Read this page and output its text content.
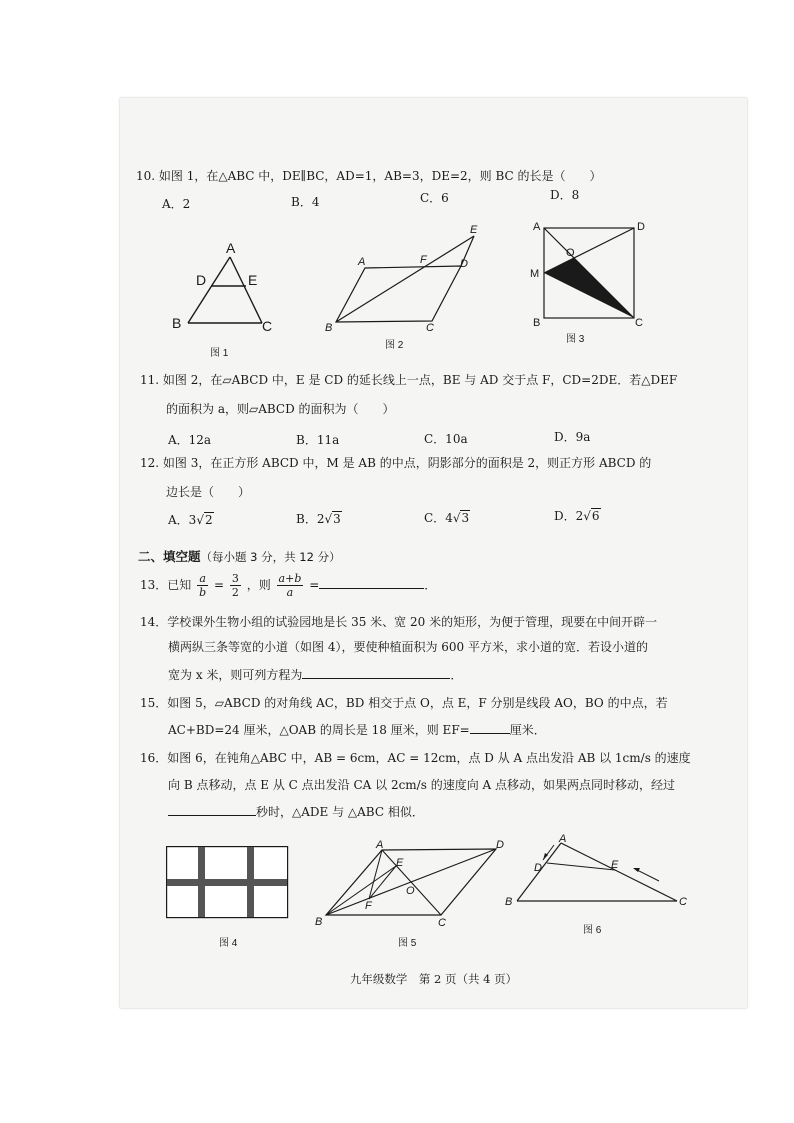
10. 如图 1，在△ABC 中，DE∥BC，AD=1，AB=3，DE=2，则 BC 的长是（　　）
A．2	B．4	C．6	D．8
A
D	E
B	C
图 1
A	F	D
E
B	C
图 2
A	D
O
M
B	C
图 3
11. 如图 2，在▱ABCD 中，E 是 CD 的延长线上一点，BE 与 AD 交于点 F，CD=2DE．若△DEF
的面积为 a，则▱ABCD 的面积为（　　）
A．12a	B．11a	C．10a	D．9a
12. 如图 3，在正方形 ABCD 中，M 是 AB 的中点，阴影部分的面积是 2，则正方形 ABCD 的
边长是（　　）
A．3√2	B．2√3	C．4√3	D．2√6
二、填空题（每小题 3 分，共 12 分）
13．已知 $\frac{a}{b} = \frac{3}{2}$ ，则 $\frac{a+b}{a}$ =	．
14．学校课外生物小组的试验园地是长 35 米、宽 20 米的矩形，为便于管理，现要在中间开辟一
横两纵三条等宽的小道（如图 4），要使种植面积为 600 平方米，求小道的宽．若设小道的
宽为 x 米，则可列方程为	．
15．如图 5，▱ABCD 的对角线 AC，BD 相交于点 O，点 E，F 分别是线段 AO，BO 的中点，若
AC+BD=24 厘米，△OAB 的周长是 18 厘米，则 EF=	厘米．
16．如图 6，在钝角△ABC 中，AB = 6cm，AC = 12cm，点 D 从 A 点出发沿 AB 以 1cm/s 的速度
向 B 点移动，点 E 从 C 点出发沿 CA 以 2cm/s 的速度向 A 点移动，如果两点同时移动，经过
秒时，△ADE 与 △ABC 相似．
图 4
A	D
E
O
F
B	C
图 5
A
D	E
B	C
图 6
九年级数学　第 2 页（共 4 页）
